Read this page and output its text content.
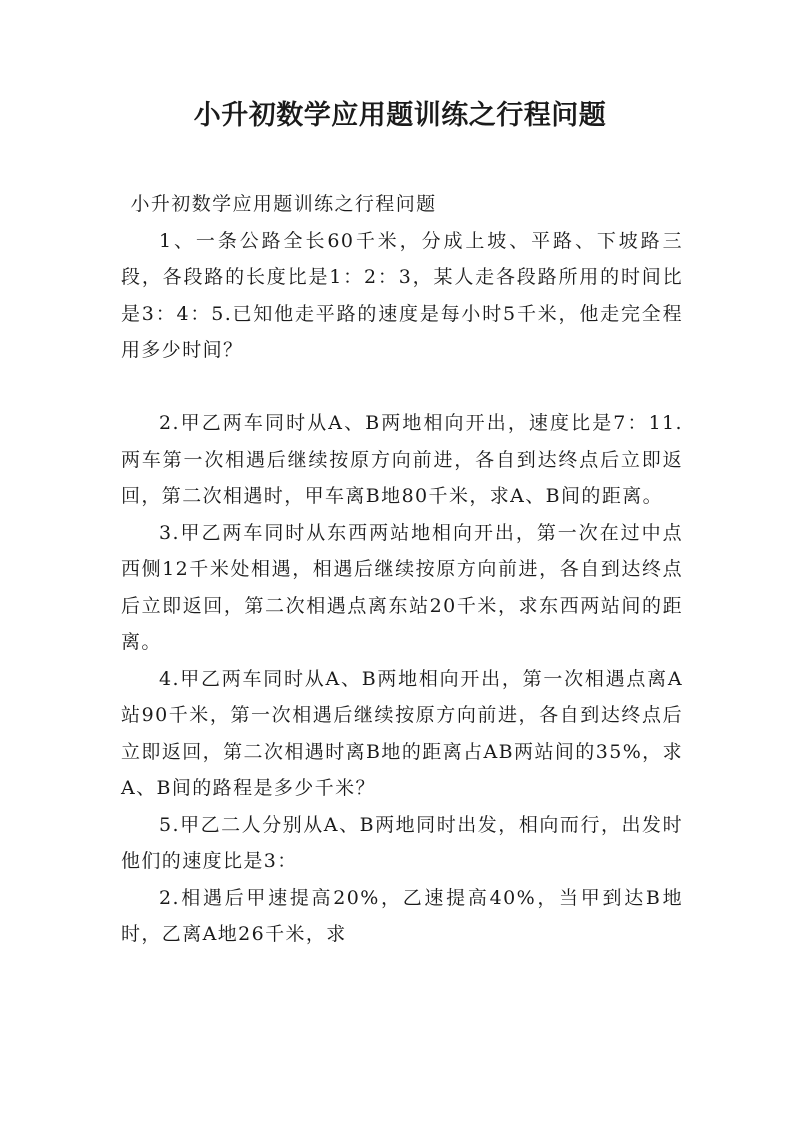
小升初数学应用题训练之行程问题

小升初数学应用题训练之行程问题

1、一条公路全长60千米，分成上坡、平路、下坡路三段，各段路的长度比是1：2：3，某人走各段路所用的时间比是3：4：5.已知他走平路的速度是每小时5千米，他走完全程用多少时间？

2.甲乙两车同时从A、B两地相向开出，速度比是7：11.两车第一次相遇后继续按原方向前进，各自到达终点后立即返回，第二次相遇时，甲车离B地80千米，求A、B间的距离。

3.甲乙两车同时从东西两站地相向开出，第一次在过中点西侧12千米处相遇，相遇后继续按原方向前进，各自到达终点后立即返回，第二次相遇点离东站20千米，求东西两站间的距离。

4.甲乙两车同时从A、B两地相向开出，第一次相遇点离A站90千米，第一次相遇后继续按原方向前进，各自到达终点后立即返回，第二次相遇时离B地的距离占AB两站间的35%，求A、B间的路程是多少千米？

5.甲乙二人分别从A、B两地同时出发，相向而行，出发时他们的速度比是3：

2.相遇后甲速提高20%，乙速提高40%，当甲到达B地时，乙离A地26千米，求
